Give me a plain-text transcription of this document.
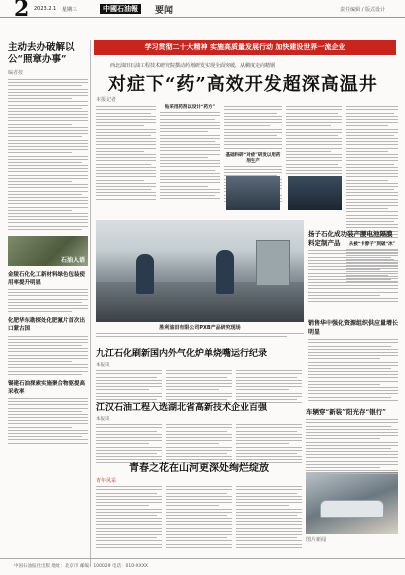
2 2023.2.1 星期三	中國石油報	要闻	责任编辑 / 版式设计
学习贯彻二十大精神 实施高质量发展行动 加快建设世界一流企业
主动去办破解以公“照章办事”
编者按
石油人语
金陵石化化工新材料绿色包装使用率提升明显
化肥华东勘探处化肥氟片首次出口蒙古国
锡建石油探索实施聚合物驱提高采收率
西北油田石油工程技术研究院撰动药剂研发实现全面突破，从稠度走向精钢
对症下“药”高效开发超深高温井
本报记者
钻采用药剂以设计“药方”
基础科研“对症”研发以用药剂生产
从被“卡脖子”到破“冰”
胜利油田有限公司PXB产品研究现场
扬子石化成功装产腰电池隔膜料定制产品
销售华中强化资源组织供应量增长明显
图片新闻
九江石化刷新国内外气化炉单烧嘴运行纪录
本报讯
江汉石油工程入选湖北省高新技术企业百强
本报讯
青春之花在山河更深处绚烂绽放
青年风采
车辆穿“新装”阳光存“银行”
中国石油报社出版 地址：北京市 邮编：100029 电话：010-XXXX
